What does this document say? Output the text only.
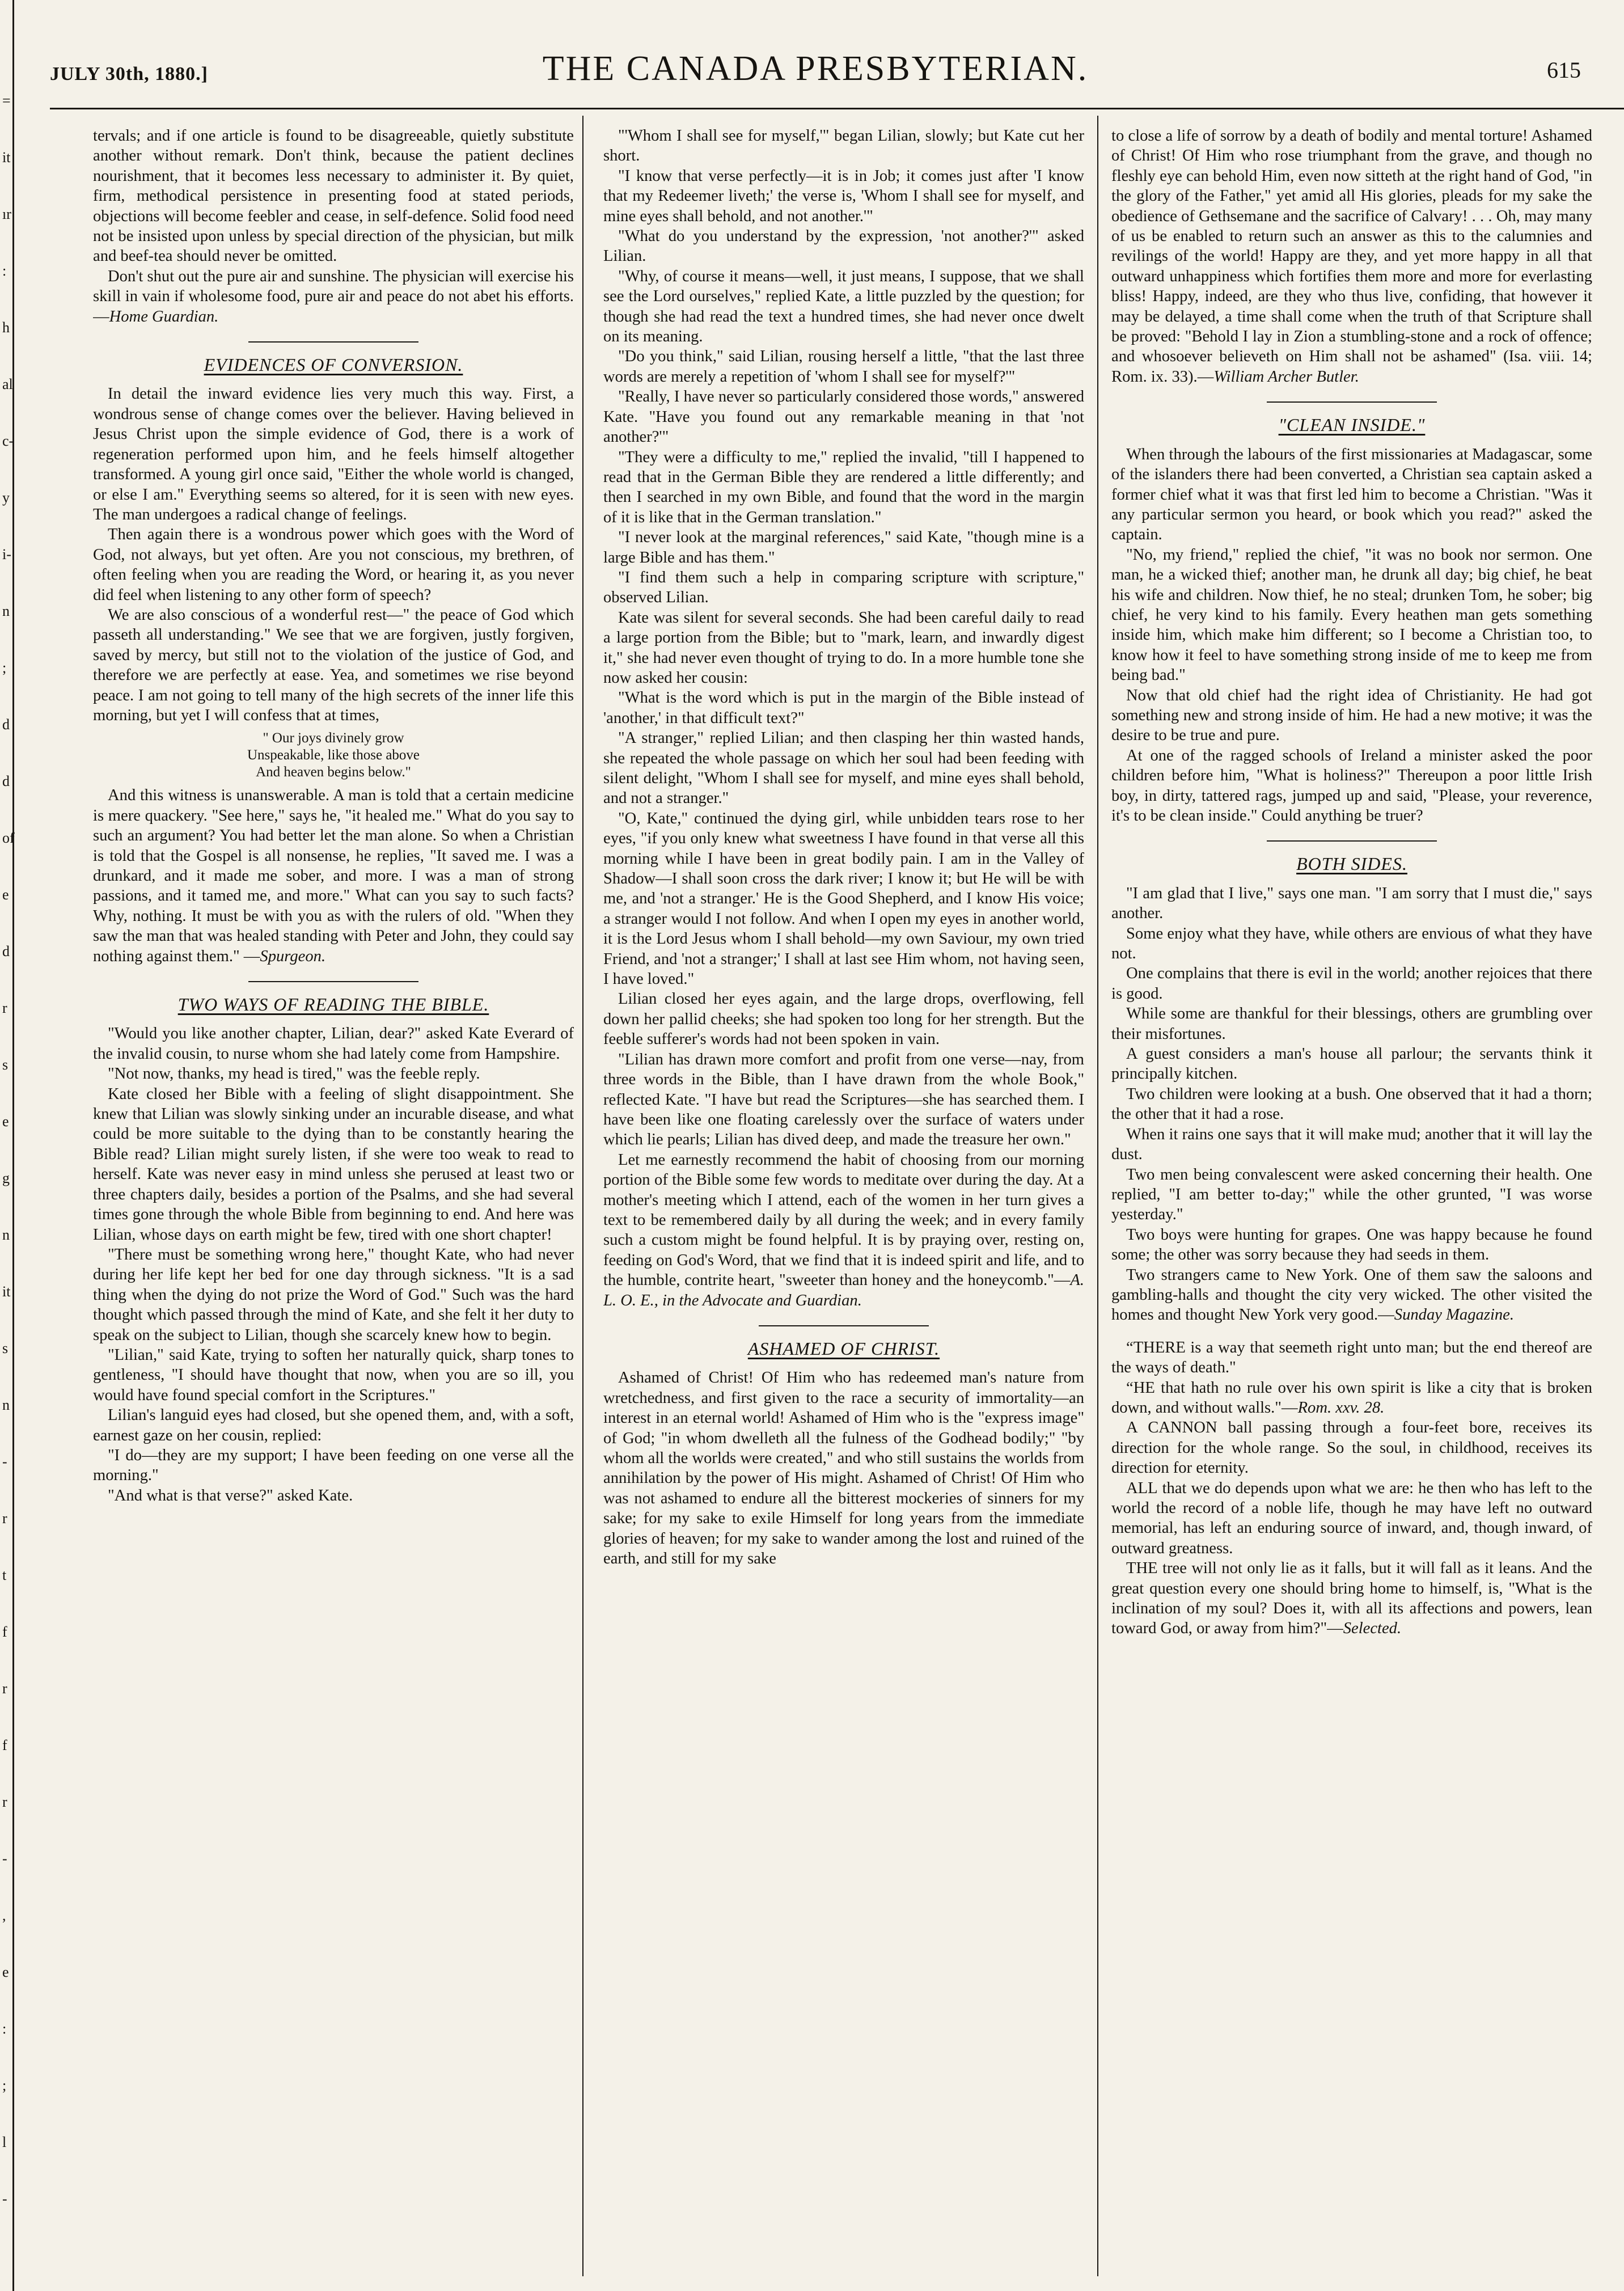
=
it
ır
:
h
al
c-
y
i-
n
;
d
d
of
e
d
r
s
e
g
n
it
s
n
-
r
t
f
r
f
r
-
,
e
:
;
l
-
JULY 30th, 1880.]	THE CANADA PRESBYTERIAN.	615

tervals; and if one article is found to be disagreeable, quietly substitute another without remark. Don't think, because the patient declines nourishment, that it becomes less necessary to administer it. By quiet, firm, methodical persistence in presenting food at stated periods, objections will become feebler and cease, in self-defence. Solid food need not be insisted upon unless by special direction of the physician, but milk and beef-tea should never be omitted.

Don't shut out the pure air and sunshine. The physician will exercise his skill in vain if wholesome food, pure air and peace do not abet his efforts.—Home Guardian.

EVIDENCES OF CONVERSION.

In detail the inward evidence lies very much this way. First, a wondrous sense of change comes over the believer. Having believed in Jesus Christ upon the simple evidence of God, there is a work of regeneration performed upon him, and he feels himself altogether transformed. A young girl once said, "Either the whole world is changed, or else I am." Everything seems so altered, for it is seen with new eyes. The man undergoes a radical change of feelings.

Then again there is a wondrous power which goes with the Word of God, not always, but yet often. Are you not conscious, my brethren, of often feeling when you are reading the Word, or hearing it, as you never did feel when listening to any other form of speech?

We are also conscious of a wonderful rest—" the peace of God which passeth all understanding." We see that we are forgiven, justly forgiven, saved by mercy, but still not to the violation of the justice of God, and therefore we are perfectly at ease. Yea, and sometimes we rise beyond peace. I am not going to tell many of the high secrets of the inner life this morning, but yet I will confess that at times,

" Our joys divinely grow
Unspeakable, like those above
And heaven begins below."

And this witness is unanswerable. A man is told that a certain medicine is mere quackery. "See here," says he, "it healed me." What do you say to such an argument? You had better let the man alone. So when a Christian is told that the Gospel is all nonsense, he replies, "It saved me. I was a drunkard, and it made me sober, and more. I was a man of strong passions, and it tamed me, and more." What can you say to such facts? Why, nothing. It must be with you as with the rulers of old. "When they saw the man that was healed standing with Peter and John, they could say nothing against them." —Spurgeon.

TWO WAYS OF READING THE BIBLE.

"Would you like another chapter, Lilian, dear?" asked Kate Everard of the invalid cousin, to nurse whom she had lately come from Hampshire.

"Not now, thanks, my head is tired," was the feeble reply.

Kate closed her Bible with a feeling of slight disappointment. She knew that Lilian was slowly sinking under an incurable disease, and what could be more suitable to the dying than to be constantly hearing the Bible read? Lilian might surely listen, if she were too weak to read to herself. Kate was never easy in mind unless she perused at least two or three chapters daily, besides a portion of the Psalms, and she had several times gone through the whole Bible from beginning to end. And here was Lilian, whose days on earth might be few, tired with one short chapter!

"There must be something wrong here," thought Kate, who had never during her life kept her bed for one day through sickness. "It is a sad thing when the dying do not prize the Word of God." Such was the hard thought which passed through the mind of Kate, and she felt it her duty to speak on the subject to Lilian, though she scarcely knew how to begin.

"Lilian," said Kate, trying to soften her naturally quick, sharp tones to gentleness, "I should have thought that now, when you are so ill, you would have found special comfort in the Scriptures."

Lilian's languid eyes had closed, but she opened them, and, with a soft, earnest gaze on her cousin, replied:

"I do—they are my support; I have been feeding on one verse all the morning."

"And what is that verse?" asked Kate.

"'Whom I shall see for myself,'" began Lilian, slowly; but Kate cut her short.

"I know that verse perfectly—it is in Job; it comes just after 'I know that my Redeemer liveth;' the verse is, 'Whom I shall see for myself, and mine eyes shall behold, and not another.'"

"What do you understand by the expression, 'not another?'" asked Lilian.

"Why, of course it means—well, it just means, I suppose, that we shall see the Lord ourselves," replied Kate, a little puzzled by the question; for though she had read the text a hundred times, she had never once dwelt on its meaning.

"Do you think," said Lilian, rousing herself a little, "that the last three words are merely a repetition of 'whom I shall see for myself?'"

"Really, I have never so particularly considered those words," answered Kate. "Have you found out any remarkable meaning in that 'not another?'"

"They were a difficulty to me," replied the invalid, "till I happened to read that in the German Bible they are rendered a little differently; and then I searched in my own Bible, and found that the word in the margin of it is like that in the German translation."

"I never look at the marginal references," said Kate, "though mine is a large Bible and has them."

"I find them such a help in comparing scripture with scripture," observed Lilian.

Kate was silent for several seconds. She had been careful daily to read a large portion from the Bible; but to "mark, learn, and inwardly digest it," she had never even thought of trying to do. In a more humble tone she now asked her cousin:

"What is the word which is put in the margin of the Bible instead of 'another,' in that difficult text?"

"A stranger," replied Lilian; and then clasping her thin wasted hands, she repeated the whole passage on which her soul had been feeding with silent delight, "Whom I shall see for myself, and mine eyes shall behold, and not a stranger."

"O, Kate," continued the dying girl, while unbidden tears rose to her eyes, "if you only knew what sweetness I have found in that verse all this morning while I have been in great bodily pain. I am in the Valley of Shadow—I shall soon cross the dark river; I know it; but He will be with me, and 'not a stranger.' He is the Good Shepherd, and I know His voice; a stranger would I not follow. And when I open my eyes in another world, it is the Lord Jesus whom I shall behold—my own Saviour, my own tried Friend, and 'not a stranger;' I shall at last see Him whom, not having seen, I have loved."

Lilian closed her eyes again, and the large drops, overflowing, fell down her pallid cheeks; she had spoken too long for her strength. But the feeble sufferer's words had not been spoken in vain.

"Lilian has drawn more comfort and profit from one verse—nay, from three words in the Bible, than I have drawn from the whole Book," reflected Kate. "I have but read the Scriptures—she has searched them. I have been like one floating carelessly over the surface of waters under which lie pearls; Lilian has dived deep, and made the treasure her own."

Let me earnestly recommend the habit of choosing from our morning portion of the Bible some few words to meditate over during the day. At a mother's meeting which I attend, each of the women in her turn gives a text to be remembered daily by all during the week; and in every family such a custom might be found helpful. It is by praying over, resting on, feeding on God's Word, that we find that it is indeed spirit and life, and to the humble, contrite heart, "sweeter than honey and the honeycomb."—A. L. O. E., in the Advocate and Guardian.

ASHAMED OF CHRIST.

Ashamed of Christ! Of Him who has redeemed man's nature from wretchedness, and first given to the race a security of immortality—an interest in an eternal world! Ashamed of Him who is the "express image" of God; "in whom dwelleth all the fulness of the Godhead bodily;" "by whom all the worlds were created," and who still sustains the worlds from annihilation by the power of His might. Ashamed of Christ! Of Him who was not ashamed to endure all the bitterest mockeries of sinners for my sake; for my sake to exile Himself for long years from the immediate glories of heaven; for my sake to wander among the lost and ruined of the earth, and still for my sake

to close a life of sorrow by a death of bodily and mental torture! Ashamed of Christ! Of Him who rose triumphant from the grave, and though no fleshly eye can behold Him, even now sitteth at the right hand of God, "in the glory of the Father," yet amid all His glories, pleads for my sake the obedience of Gethsemane and the sacrifice of Calvary! . . . Oh, may many of us be enabled to return such an answer as this to the calumnies and revilings of the world! Happy are they, and yet more happy in all that outward unhappiness which fortifies them more and more for everlasting bliss! Happy, indeed, are they who thus live, confiding, that however it may be delayed, a time shall come when the truth of that Scripture shall be proved: "Behold I lay in Zion a stumbling-stone and a rock of offence; and whosoever believeth on Him shall not be ashamed" (Isa. viii. 14; Rom. ix. 33).—William Archer Butler.

"CLEAN INSIDE."

When through the labours of the first missionaries at Madagascar, some of the islanders there had been converted, a Christian sea captain asked a former chief what it was that first led him to become a Christian. "Was it any particular sermon you heard, or book which you read?" asked the captain.

"No, my friend," replied the chief, "it was no book nor sermon. One man, he a wicked thief; another man, he drunk all day; big chief, he beat his wife and children. Now thief, he no steal; drunken Tom, he sober; big chief, he very kind to his family. Every heathen man gets something inside him, which make him different; so I become a Christian too, to know how it feel to have something strong inside of me to keep me from being bad."

Now that old chief had the right idea of Christianity. He had got something new and strong inside of him. He had a new motive; it was the desire to be true and pure.

At one of the ragged schools of Ireland a minister asked the poor children before him, "What is holiness?" Thereupon a poor little Irish boy, in dirty, tattered rags, jumped up and said, "Please, your reverence, it's to be clean inside." Could anything be truer?

BOTH SIDES.

"I am glad that I live," says one man. "I am sorry that I must die," says another.

Some enjoy what they have, while others are envious of what they have not.

One complains that there is evil in the world; another rejoices that there is good.

While some are thankful for their blessings, others are grumbling over their misfortunes.

A guest considers a man's house all parlour; the servants think it principally kitchen.

Two children were looking at a bush. One observed that it had a thorn; the other that it had a rose.

When it rains one says that it will make mud; another that it will lay the dust.

Two men being convalescent were asked concerning their health. One replied, "I am better to-day;" while the other grunted, "I was worse yesterday."

Two boys were hunting for grapes. One was happy because he found some; the other was sorry because they had seeds in them.

Two strangers came to New York. One of them saw the saloons and gambling-halls and thought the city very wicked. The other visited the homes and thought New York very good.—Sunday Magazine.

“THERE is a way that seemeth right unto man; but the end thereof are the ways of death."

“HE that hath no rule over his own spirit is like a city that is broken down, and without walls."—Rom. xxv. 28.

A CANNON ball passing through a four-feet bore, receives its direction for the whole range. So the soul, in childhood, receives its direction for eternity.

ALL that we do depends upon what we are: he then who has left to the world the record of a noble life, though he may have left no outward memorial, has left an enduring source of inward, and, though inward, of outward greatness.

THE tree will not only lie as it falls, but it will fall as it leans. And the great question every one should bring home to himself, is, "What is the inclination of my soul? Does it, with all its affections and powers, lean toward God, or away from him?"—Selected.
